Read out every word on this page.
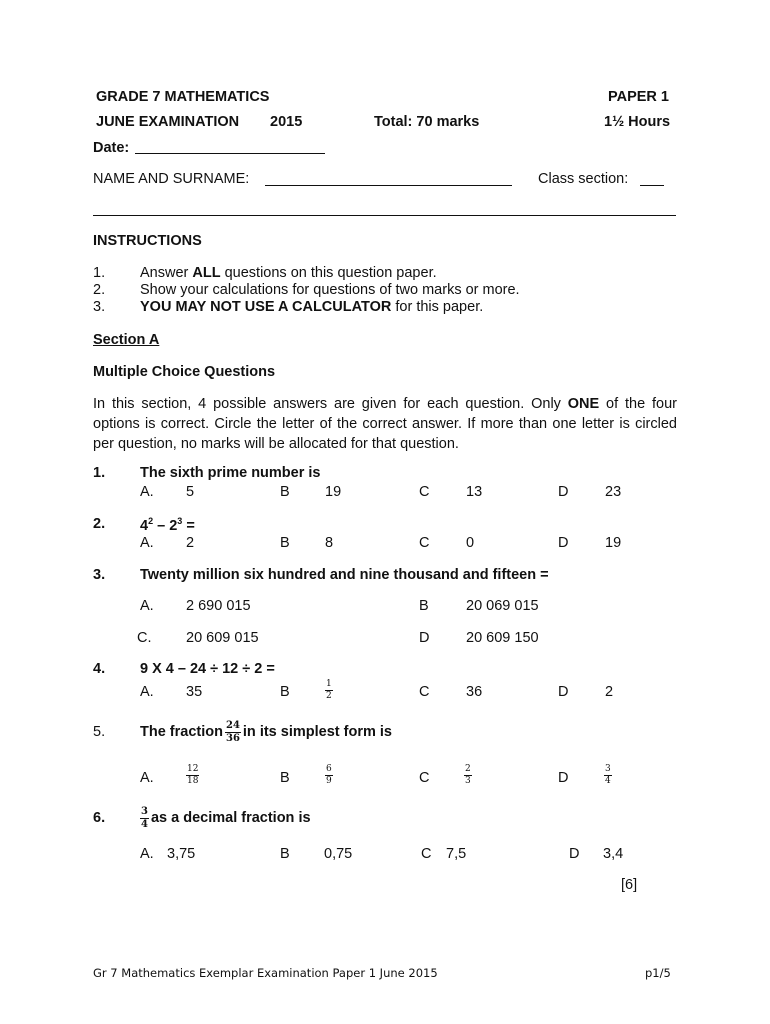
GRADE 7 MATHEMATICS	PAPER 1
JUNE EXAMINATION 2015	Total: 70 marks	1½ Hours
Date:
NAME AND SURNAME:	Class section:
INSTRUCTIONS
1. Answer ALL questions on this question paper.
2. Show your calculations for questions of two marks or more.
3. YOU MAY NOT USE A CALCULATOR for this paper.
Section A
Multiple Choice Questions
In this section, 4 possible answers are given for each question. Only ONE of the four options is correct. Circle the letter of the correct answer. If more than one letter is circled per question, no marks will be allocated for that question.
1. The sixth prime number is
A. 5	B 19	C	13	D	23
2. $4^2 - 2^3$ =
A. 2	B 8	C	0	D	19
3. Twenty million six hundred and nine thousand and fifteen =
A. 2 690 015	B	20 069 015
C. 20 609 015	D	20 609 150
4. 9 X 4 – 24 ÷ 12 ÷ 2 =
A. 35	B	$\frac{1}{2}$	C	36	D	2
5. The fraction $\frac{24}{36}$ in its simplest form is
A.	$\frac{12}{18}$	B	$\frac{6}{9}$	C	$\frac{2}{3}$	D	$\frac{3}{4}$
6.	$\frac{3}{4}$ as a decimal fraction is
A. 3,75	B 0,75	C 7,5	D 3,4
[6]
Gr 7 Mathematics Exemplar Examination Paper 1 June 2015	p1/5
